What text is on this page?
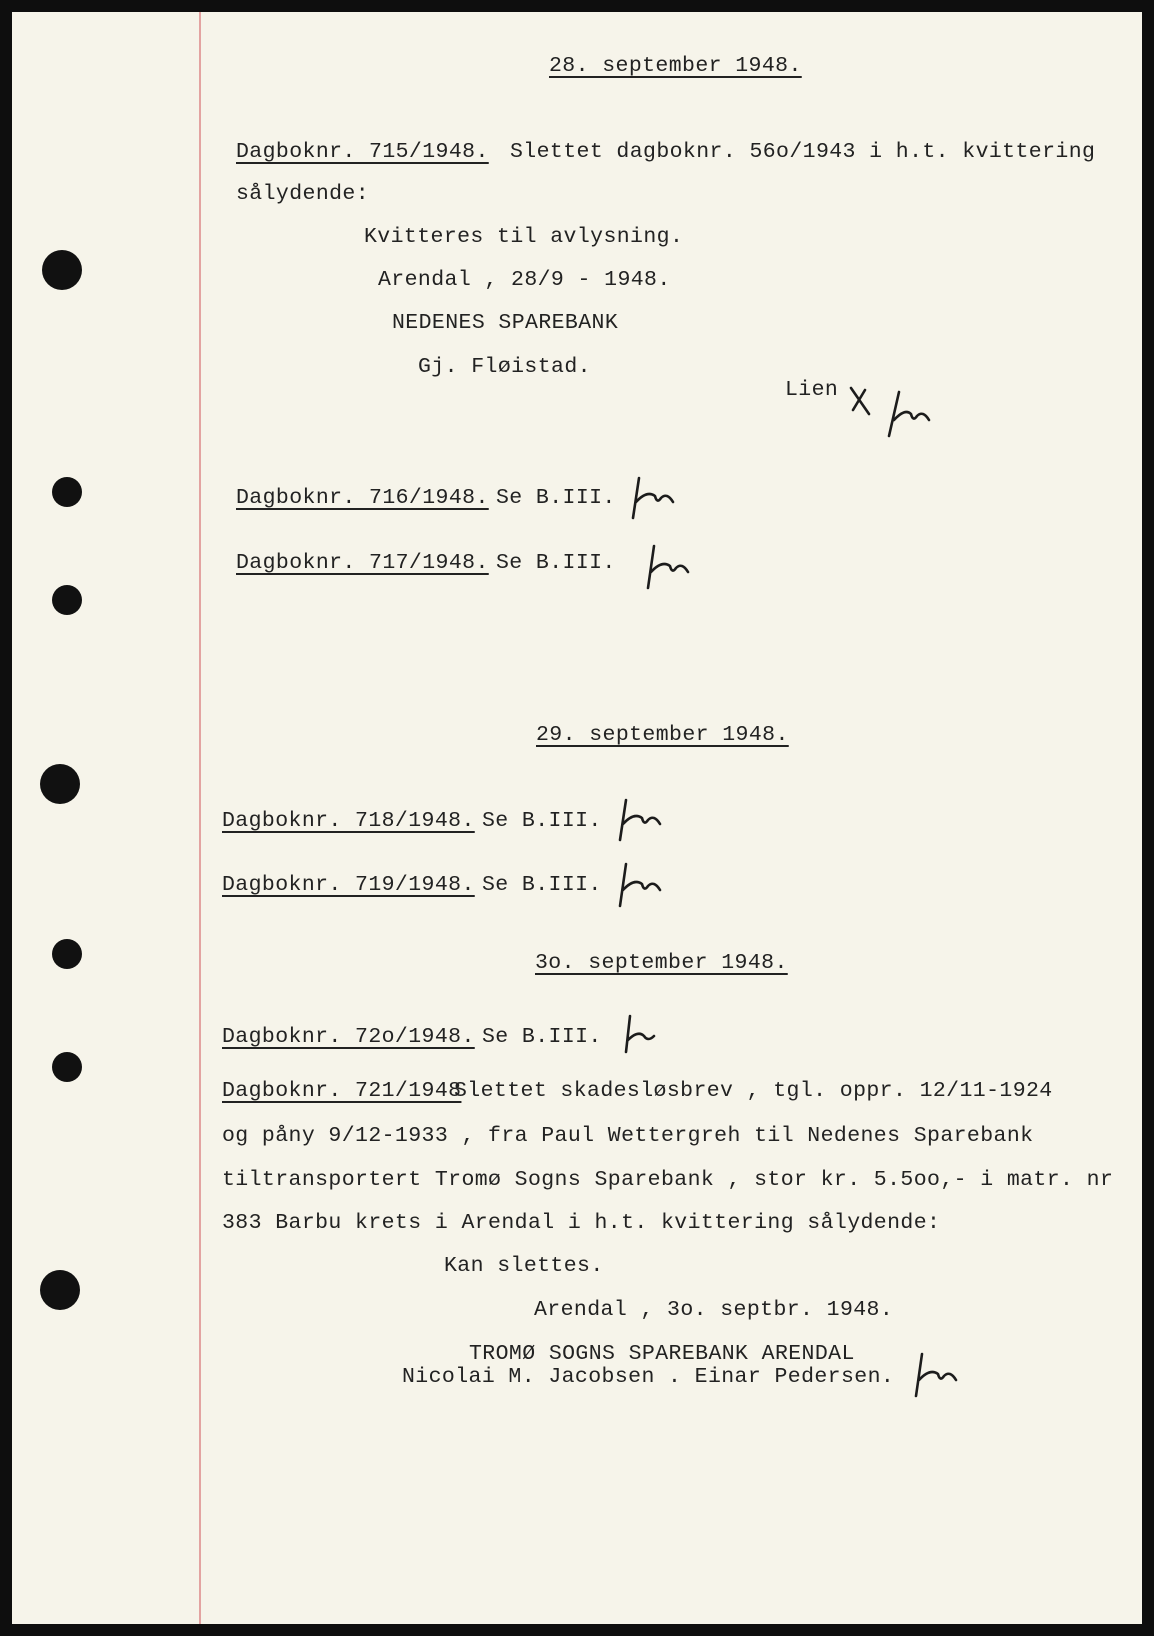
28. september 1948.
Dagboknr. 715/1948. Slettet dagboknr. 56o/1943 i h.t. kvittering
sålydende:
Kvitteres til avlysning.
Arendal , 28/9 - 1948.
NEDENES SPAREBANK
Gj. Fløistad.
Lien
Dagboknr. 716/1948. Se B.III.
Dagboknr. 717/1948. Se B.III.
29. september 1948.
Dagboknr. 718/1948. Se B.III.
Dagboknr. 719/1948. Se B.III.
3o. september 1948.
Dagboknr. 72o/1948. Se B.III.
Dagboknr. 721/1948
Slettet skadesløsbrev , tgl. oppr. 12/11-1924
og påny 9/12-1933 , fra Paul Wettergreh til Nedenes Sparebank
tiltransportert Tromø Sogns Sparebank , stor kr. 5.5oo,- i matr. nr
383 Barbu krets i Arendal i h.t. kvittering sålydende:
Kan slettes.
Arendal , 3o. septbr. 1948.
TROMØ SOGNS SPAREBANK ARENDAL
Nicolai M. Jacobsen . Einar Pedersen.
